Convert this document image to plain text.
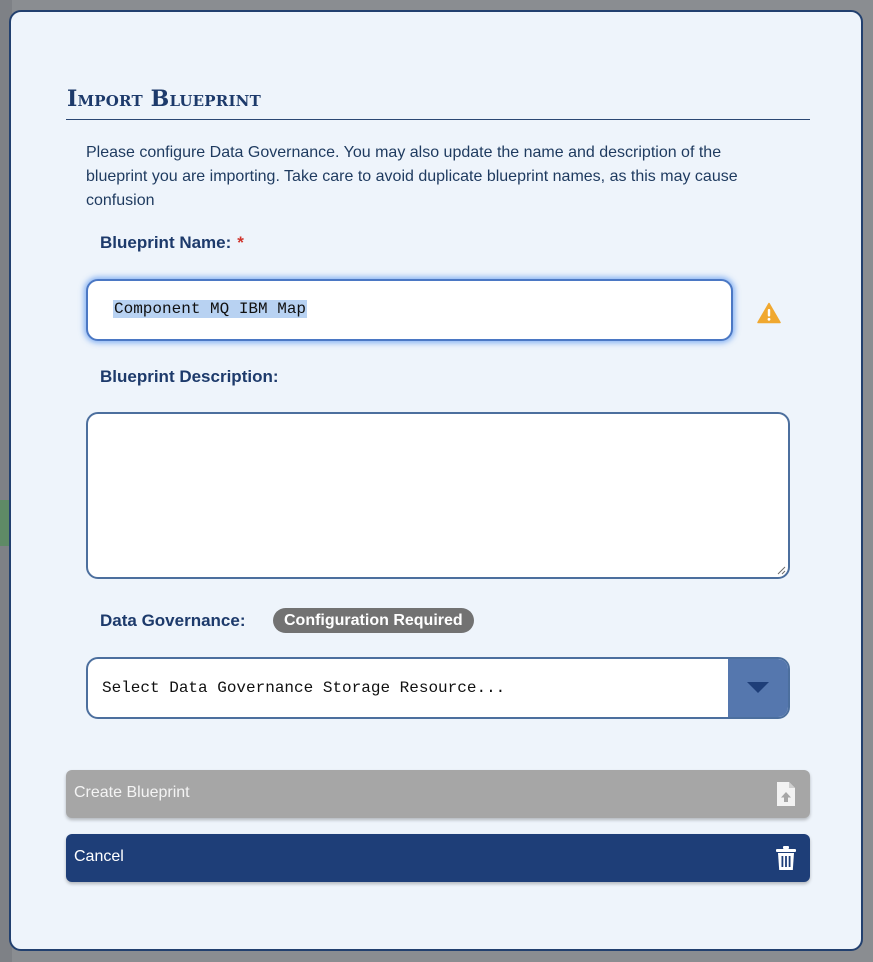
Import Blueprint

Please configure Data Governance. You may also update the name and description of the blueprint you are importing. Take care to avoid duplicate blueprint names, as this may cause confusion

Blueprint Name: *
Component MQ IBM Map
Blueprint Description:
Data Governance:	Configuration Required
Select Data Governance Storage Resource...
Create Blueprint
Cancel
